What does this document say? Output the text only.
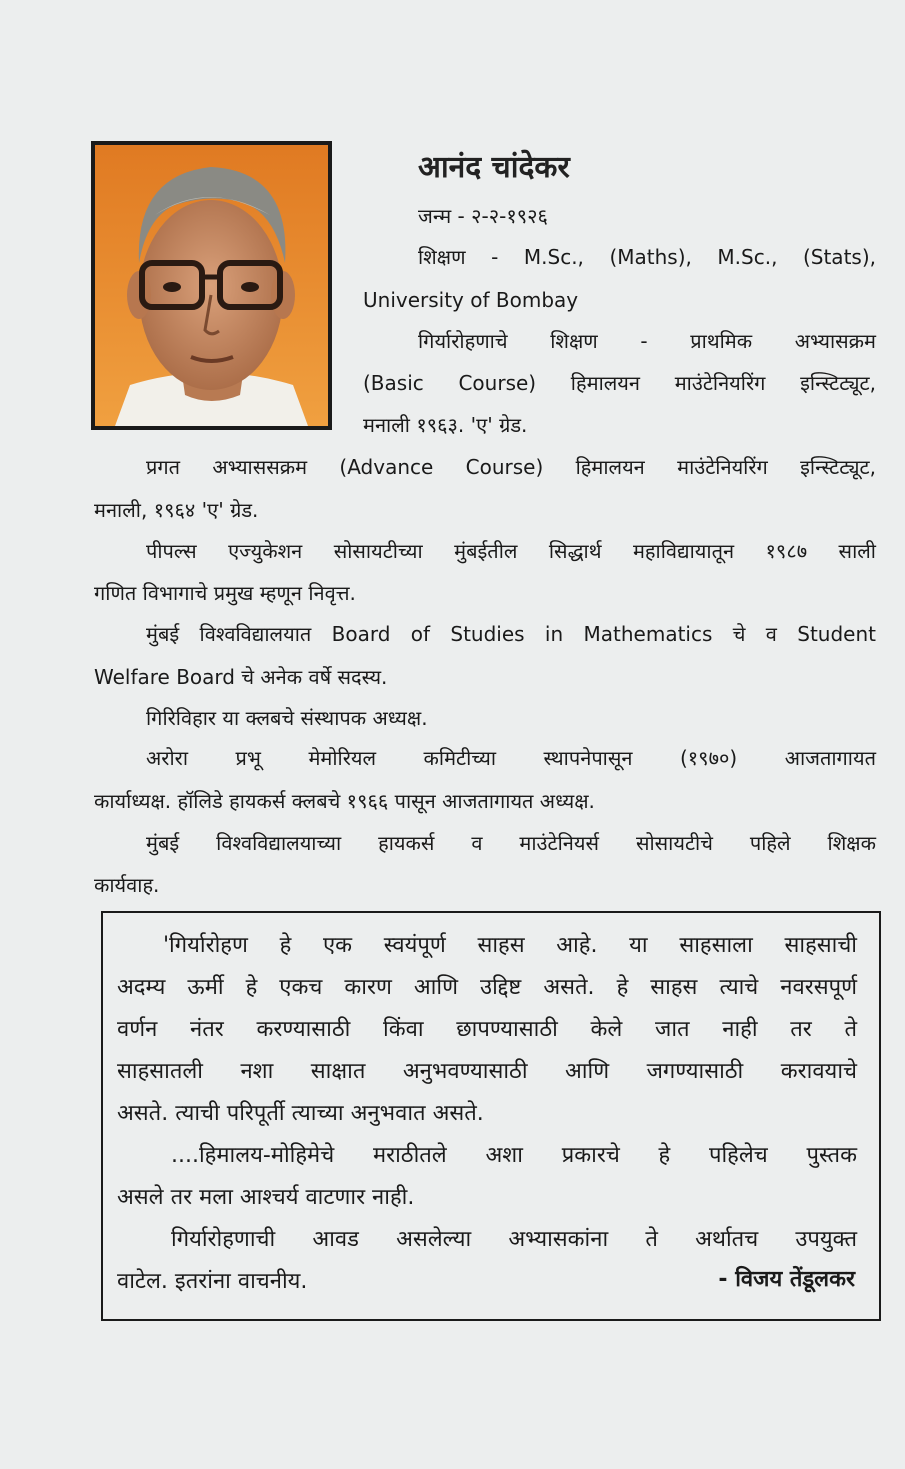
आनंद चांदेकर
जन्म - २-२-१९२६
शिक्षण - M.Sc., (Maths), M.Sc., (Stats),
University of Bombay
गिर्यारोहणाचे शिक्षण - प्राथमिक अभ्यासक्रम
(Basic Course) हिमालयन माउंटेनियरिंग इन्स्टिट्यूट,
मनाली १९६३. 'ए' ग्रेड.
प्रगत अभ्याससक्रम (Advance Course) हिमालयन माउंटेनियरिंग इन्स्टिट्यूट,
मनाली, १९६४ 'ए' ग्रेड.
पीपल्स एज्युकेशन सोसायटीच्या मुंबईतील सिद्धार्थ महाविद्यायातून १९८७ साली
गणित विभागाचे प्रमुख म्हणून निवृत्त.
मुंबई विश्वविद्यालयात Board of Studies in Mathematics चे व Student
Welfare Board चे अनेक वर्षे सदस्य.
गिरिविहार या क्लबचे संस्थापक अध्यक्ष.
अरोरा प्रभू मेमोरियल कमिटीच्या स्थापनेपासून (१९७०) आजतागायत
कार्याध्यक्ष. हॉलिडे हायकर्स क्लबचे १९६६ पासून आजतागायत अध्यक्ष.
मुंबई विश्वविद्यालयाच्या हायकर्स व माउंटेनियर्स सोसायटीचे पहिले शिक्षक
कार्यवाह.
'गिर्यारोहण हे एक स्वयंपूर्ण साहस आहे. या साहसाला साहसाची
अदम्य ऊर्मी हे एकच कारण आणि उद्दिष्ट असते. हे साहस त्याचे नवरसपूर्ण
वर्णन नंतर करण्यासाठी किंवा छापण्यासाठी केले जात नाही तर ते
साहसातली नशा साक्षात अनुभवण्यासाठी आणि जगण्यासाठी करावयाचे
असते. त्याची परिपूर्ती त्याच्या अनुभवात असते.
....हिमालय-मोहिमेचे मराठीतले अशा प्रकारचे हे पहिलेच पुस्तक
असले तर मला आश्चर्य वाटणार नाही.
गिर्यारोहणाची आवड असलेल्या अभ्यासकांना ते अर्थातच उपयुक्त
वाटेल. इतरांना वाचनीय.	- विजय तेंडूलकर
